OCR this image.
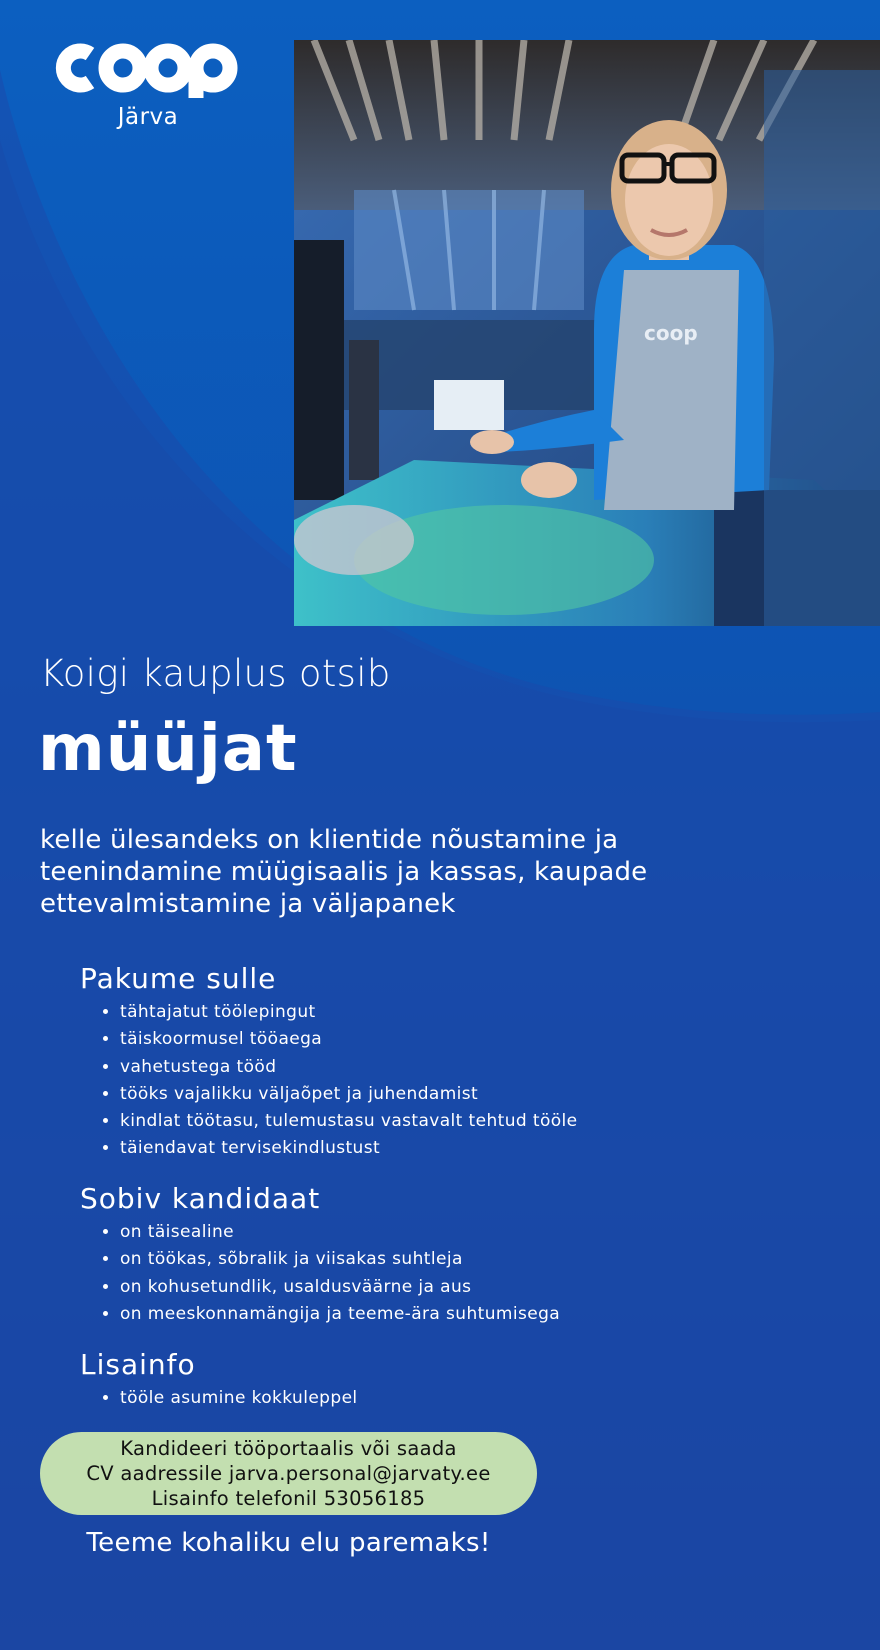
Järva
coop
Koigi kauplus otsib
müüjat
kelle ülesandeks on klientide nõustamine ja teenindamine müügisaalis ja kassas, kaupade ettevalmistamine ja väljapanek
Pakume sulle
• tähtajatut töölepingut
• täiskoormusel tööaega
• vahetustega tööd
• tööks vajalikku väljaõpet ja juhendamist
• kindlat töötasu, tulemustasu vastavalt tehtud tööle
• täiendavat tervisekindlustust
Sobiv kandidaat
• on täisealine
• on töökas, sõbralik ja viisakas suhtleja
• on kohusetundlik, usaldusväärne ja aus
• on meeskonnamängija ja teeme-ära suhtumisega
Lisainfo
• tööle asumine kokkuleppel
Kandideeri tööportaalis või saada
CV aadressile jarva.personal@jarvaty.ee
Lisainfo telefonil 53056185
Teeme kohaliku elu paremaks!
